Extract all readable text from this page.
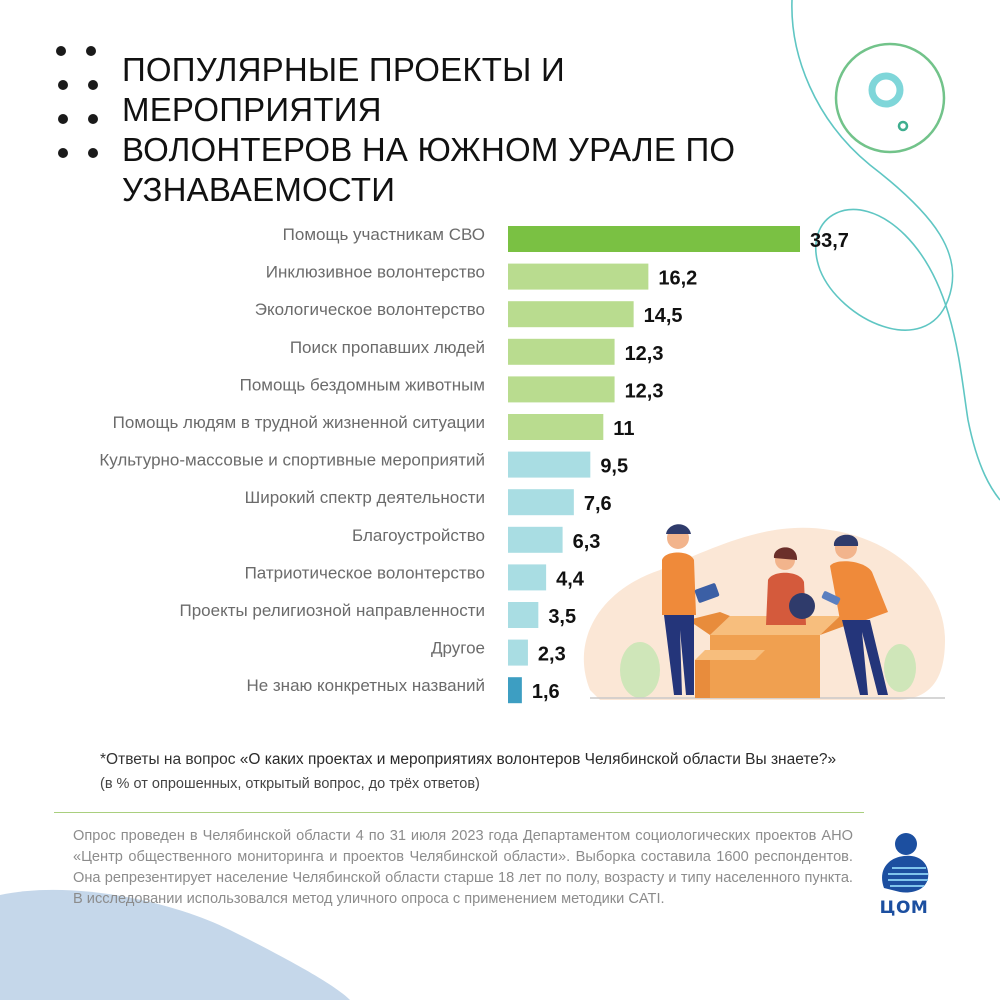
ПОПУЛЯРНЫЕ ПРОЕКТЫ И МЕРОПРИЯТИЯ
ВОЛОНТЕРОВ НА ЮЖНОМ УРАЛЕ ПО
УЗНАВАЕМОСТИ
Помощь участникам СВО	33,7
Инклюзивное волонтерство	16,2
Экологическое волонтерство	14,5
Поиск пропавших людей	12,3
Помощь бездомным животным	12,3
Помощь людям в трудной жизненной ситуации	11
Культурно-массовые и спортивные мероприятий	9,5
Широкий спектр деятельности	7,6
Благоустройство	6,3
Патриотическое волонтерство	4,4
Проекты религиозной направленности	3,5
Другое	2,3
Не знаю конкретных названий 1,6
*Ответы на вопрос «О каких проектах и мероприятиях волонтеров Челябинской области Вы знаете?» (в % от опрошенных, открытый вопрос, до трёх ответов)

Опрос проведен в Челябинской области 4 по 31 июля 2023 года Департаментом социологических проектов АНО «Центр общественного мониторинга и проектов Челябинской области». Выборка составила 1600 респондентов. Она репрезентирует население Челябинской области старше 18 лет по полу, возрасту и типу населенного пункта. В исследовании использовался метод уличного опроса с применением методики CATI.	ЦОМ
